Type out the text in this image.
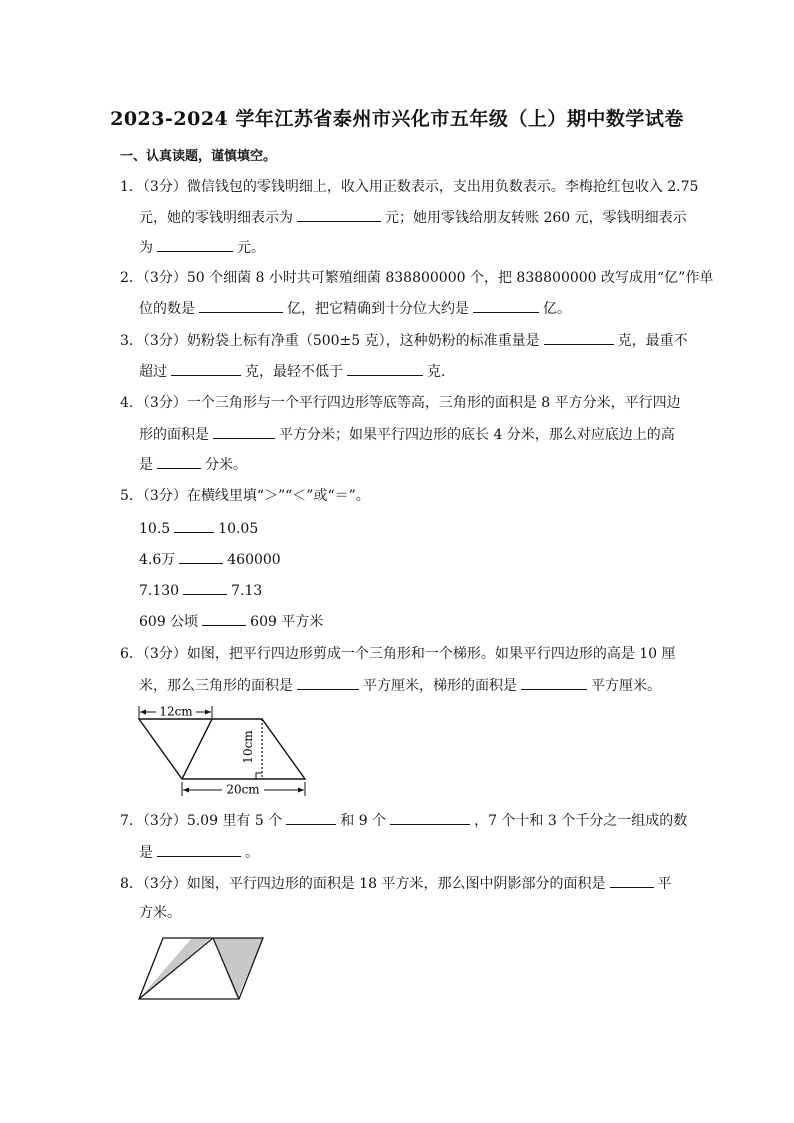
2023-2024 学年江苏省泰州市兴化市五年级（上）期中数学试卷
一、认真读题，谨慎填空。
1．（3分）微信钱包的零钱明细上，收入用正数表示，支出用负数表示。李梅抢红包收入 2.75
元，她的零钱明细表示为	元；她用零钱给朋友转账 260 元，零钱明细表示
为	元。
2．（3分）50 个细菌 8 小时共可繁殖细菌 838800000 个，把 838800000 改写成用“亿”作单
位的数是	亿，把它精确到十分位大约是	亿。
3．（3分）奶粉袋上标有净重（500±5 克），这种奶粉的标准重量是	克，最重不
超过	克，最轻不低于	克．
4．（3分）一个三角形与一个平行四边形等底等高，三角形的面积是 8 平方分米，平行四边
形的面积是	平方分米；如果平行四边形的底长 4 分米，那么对应底边上的高
是	分米。
5．（3分）在横线里填“＞”“＜”或“＝”。
10.5	10.05
4.6万	460000
7.130	7.13
609 公顷	609 平方米
6．（3分）如图，把平行四边形剪成一个三角形和一个梯形。如果平行四边形的高是 10 厘
米，那么三角形的面积是	平方厘米，梯形的面积是	平方厘米。
12cm
10cm
20cm
7．（3分）5.09 里有 5 个	和 9 个	，7 个十和 3 个千分之一组成的数
是	。
8．（3分）如图，平行四边形的面积是 18 平方米，那么图中阴影部分的面积是	平
方米。
